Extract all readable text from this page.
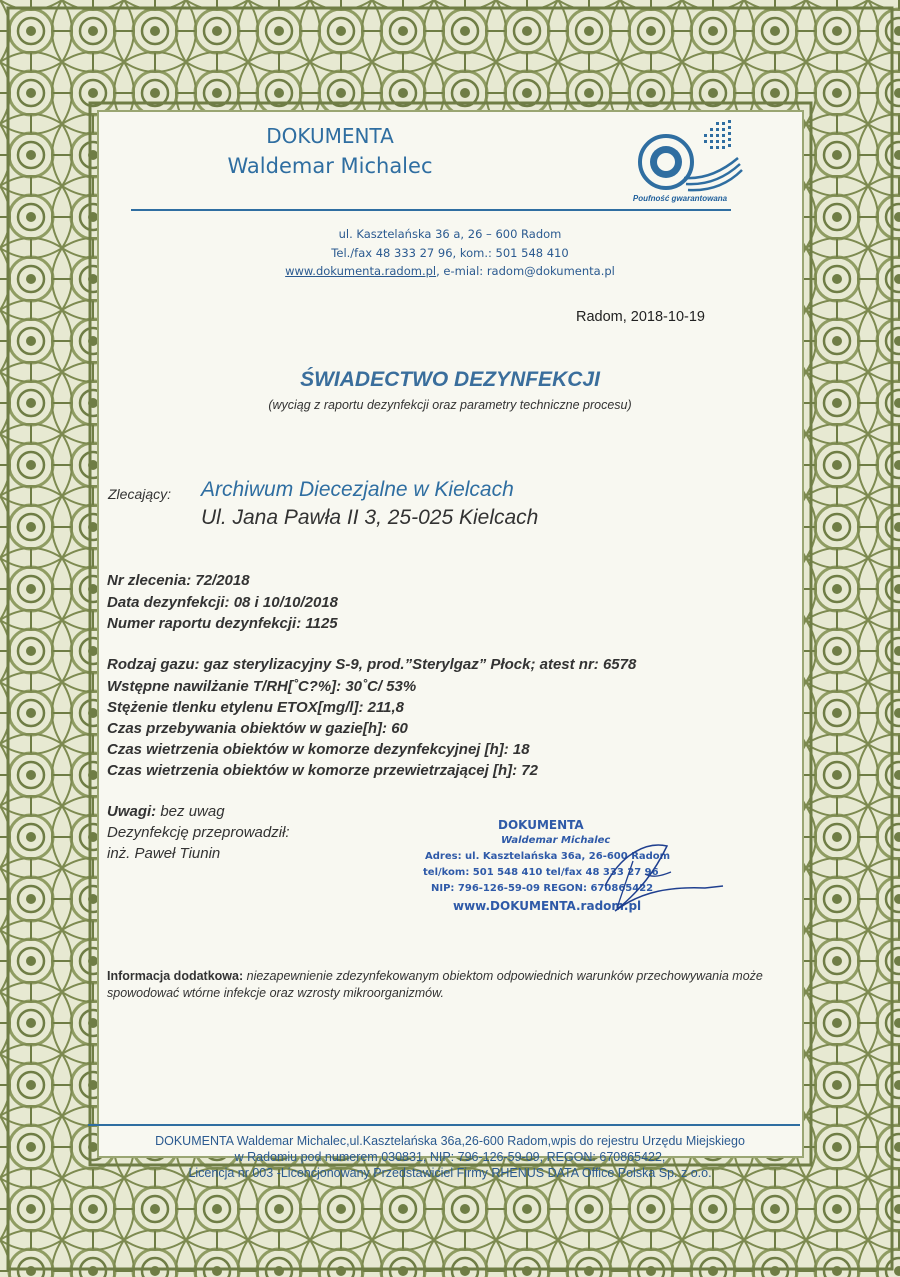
DOKUMENTA
Waldemar Michalec
Poufność gwarantowana
ul. Kasztelańska 36 a, 26 – 600 Radom
Tel./fax 48 333 27 96, kom.: 501 548 410
www.dokumenta.radom.pl, e-mial: radom@dokumenta.pl
Radom, 2018-10-19
ŚWIADECTWO DEZYNFEKCJI
(wyciąg z raportu dezynfekcji oraz parametry techniczne procesu)
Zlecający: Archiwum Diecezjalne w Kielcach
Ul. Jana Pawła II 3, 25-025 Kielcach
Nr zlecenia: 72/2018
Data dezynfekcji: 08 i 10/10/2018
Numer raportu dezynfekcji: 1125
Rodzaj gazu: gaz sterylizacyjny S-9, prod.”Sterylgaz” Płock; atest nr: 6578
Wstępne nawilżanie T/RH[˚C?%]: 30˚C/ 53%
Stężenie tlenku etylenu ETOX[mg/l]: 211,8
Czas przebywania obiektów w gazie[h]: 60
Czas wietrzenia obiektów w komorze dezynfekcyjnej [h]: 18
Czas wietrzenia obiektów w komorze przewietrzającej [h]: 72
Uwagi: bez uwag
Dezynfekcję przeprowadził:
inż. Paweł Tiunin
DOKUMENTA
Waldemar Michalec
Adres: ul. Kasztelańska 36a, 26-600 Radom
tel/kom: 501 548 410 tel/fax 48 333 27 96
NIP: 796-126-59-09 REGON: 670865422
www.DOKUMENTA.radom.pl
Informacja dodatkowa: niezapewnienie zdezynfekowanym obiektom odpowiednich warunków przechowywania może spowodować wtórne infekcje oraz wzrosty mikroorganizmów.
DOKUMENTA Waldemar Michalec,ul.Kasztelańska 36a,26-600 Radom,wpis do rejestru Urzędu Miejskiego
w Radomiu pod numerem 030831, NIP: 796-126-59-09, REGON: 670865422,
Licencja nr 003 -Licencjonowany Przedstawiciel Firmy RHENUS DATA Office Polska Sp. z o.o.
